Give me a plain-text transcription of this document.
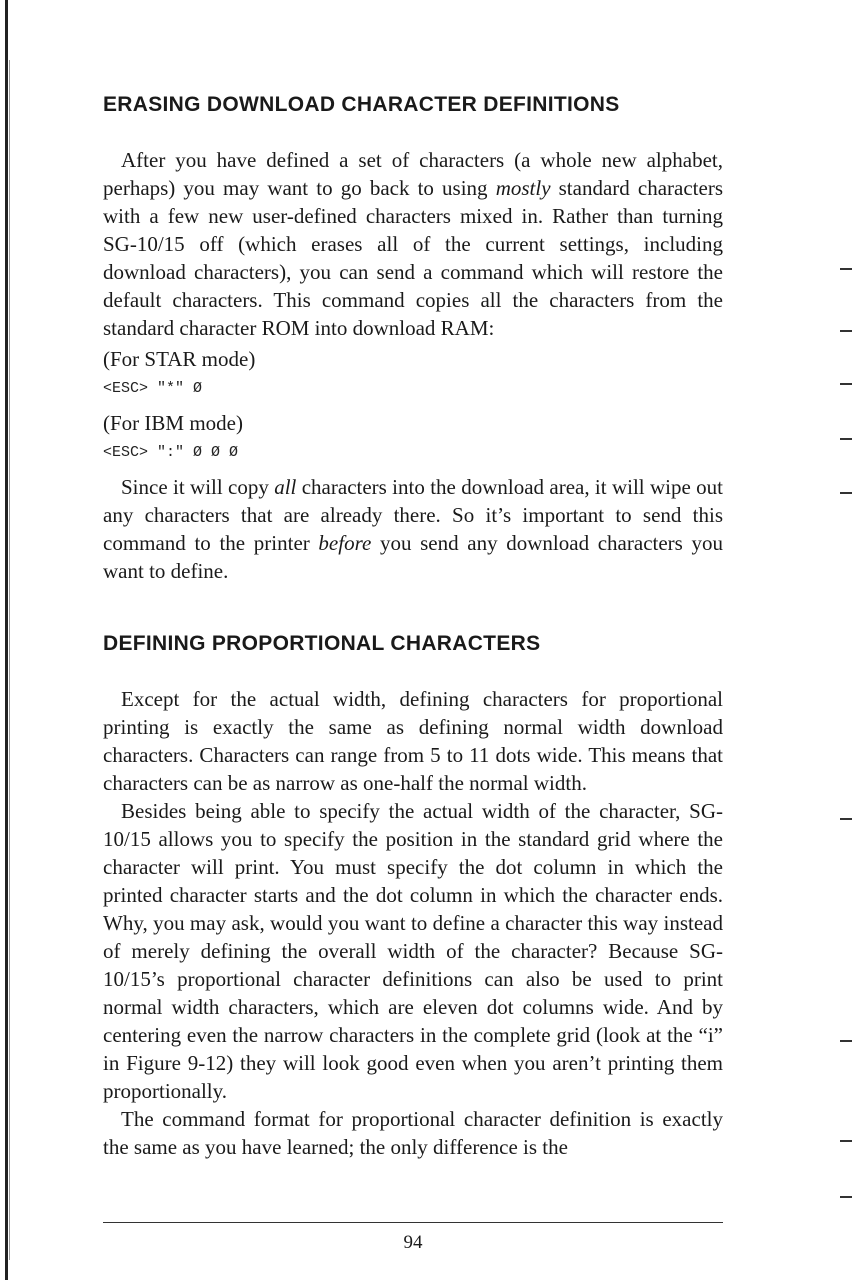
ERASING DOWNLOAD CHARACTER DEFINITIONS

After you have defined a set of characters (a whole new alphabet, perhaps) you may want to go back to using mostly standard characters with a few new user-defined characters mixed in. Rather than turning SG-10/15 off (which erases all of the current settings, including download characters), you can send a command which will restore the default characters. This command copies all the characters from the standard character ROM into download RAM:

(For STAR mode)
<ESC> "*" Ø
(For IBM mode)
<ESC> ":" Ø Ø Ø

Since it will copy all characters into the download area, it will wipe out any characters that are already there. So it’s important to send this command to the printer before you send any download characters you want to define.

DEFINING PROPORTIONAL CHARACTERS

Except for the actual width, defining characters for proportional printing is exactly the same as defining normal width download characters. Characters can range from 5 to 11 dots wide. This means that characters can be as narrow as one-half the normal width.

Besides being able to specify the actual width of the character, SG-10/15 allows you to specify the position in the standard grid where the character will print. You must specify the dot column in which the printed character starts and the dot column in which the character ends. Why, you may ask, would you want to define a character this way instead of merely defining the overall width of the character? Because SG-10/15’s proportional character definitions can also be used to print normal width characters, which are eleven dot columns wide. And by centering even the narrow characters in the complete grid (look at the “i” in Figure 9-12) they will look good even when you aren’t printing them proportionally.

The command format for proportional character definition is exactly the same as you have learned; the only difference is the

94
